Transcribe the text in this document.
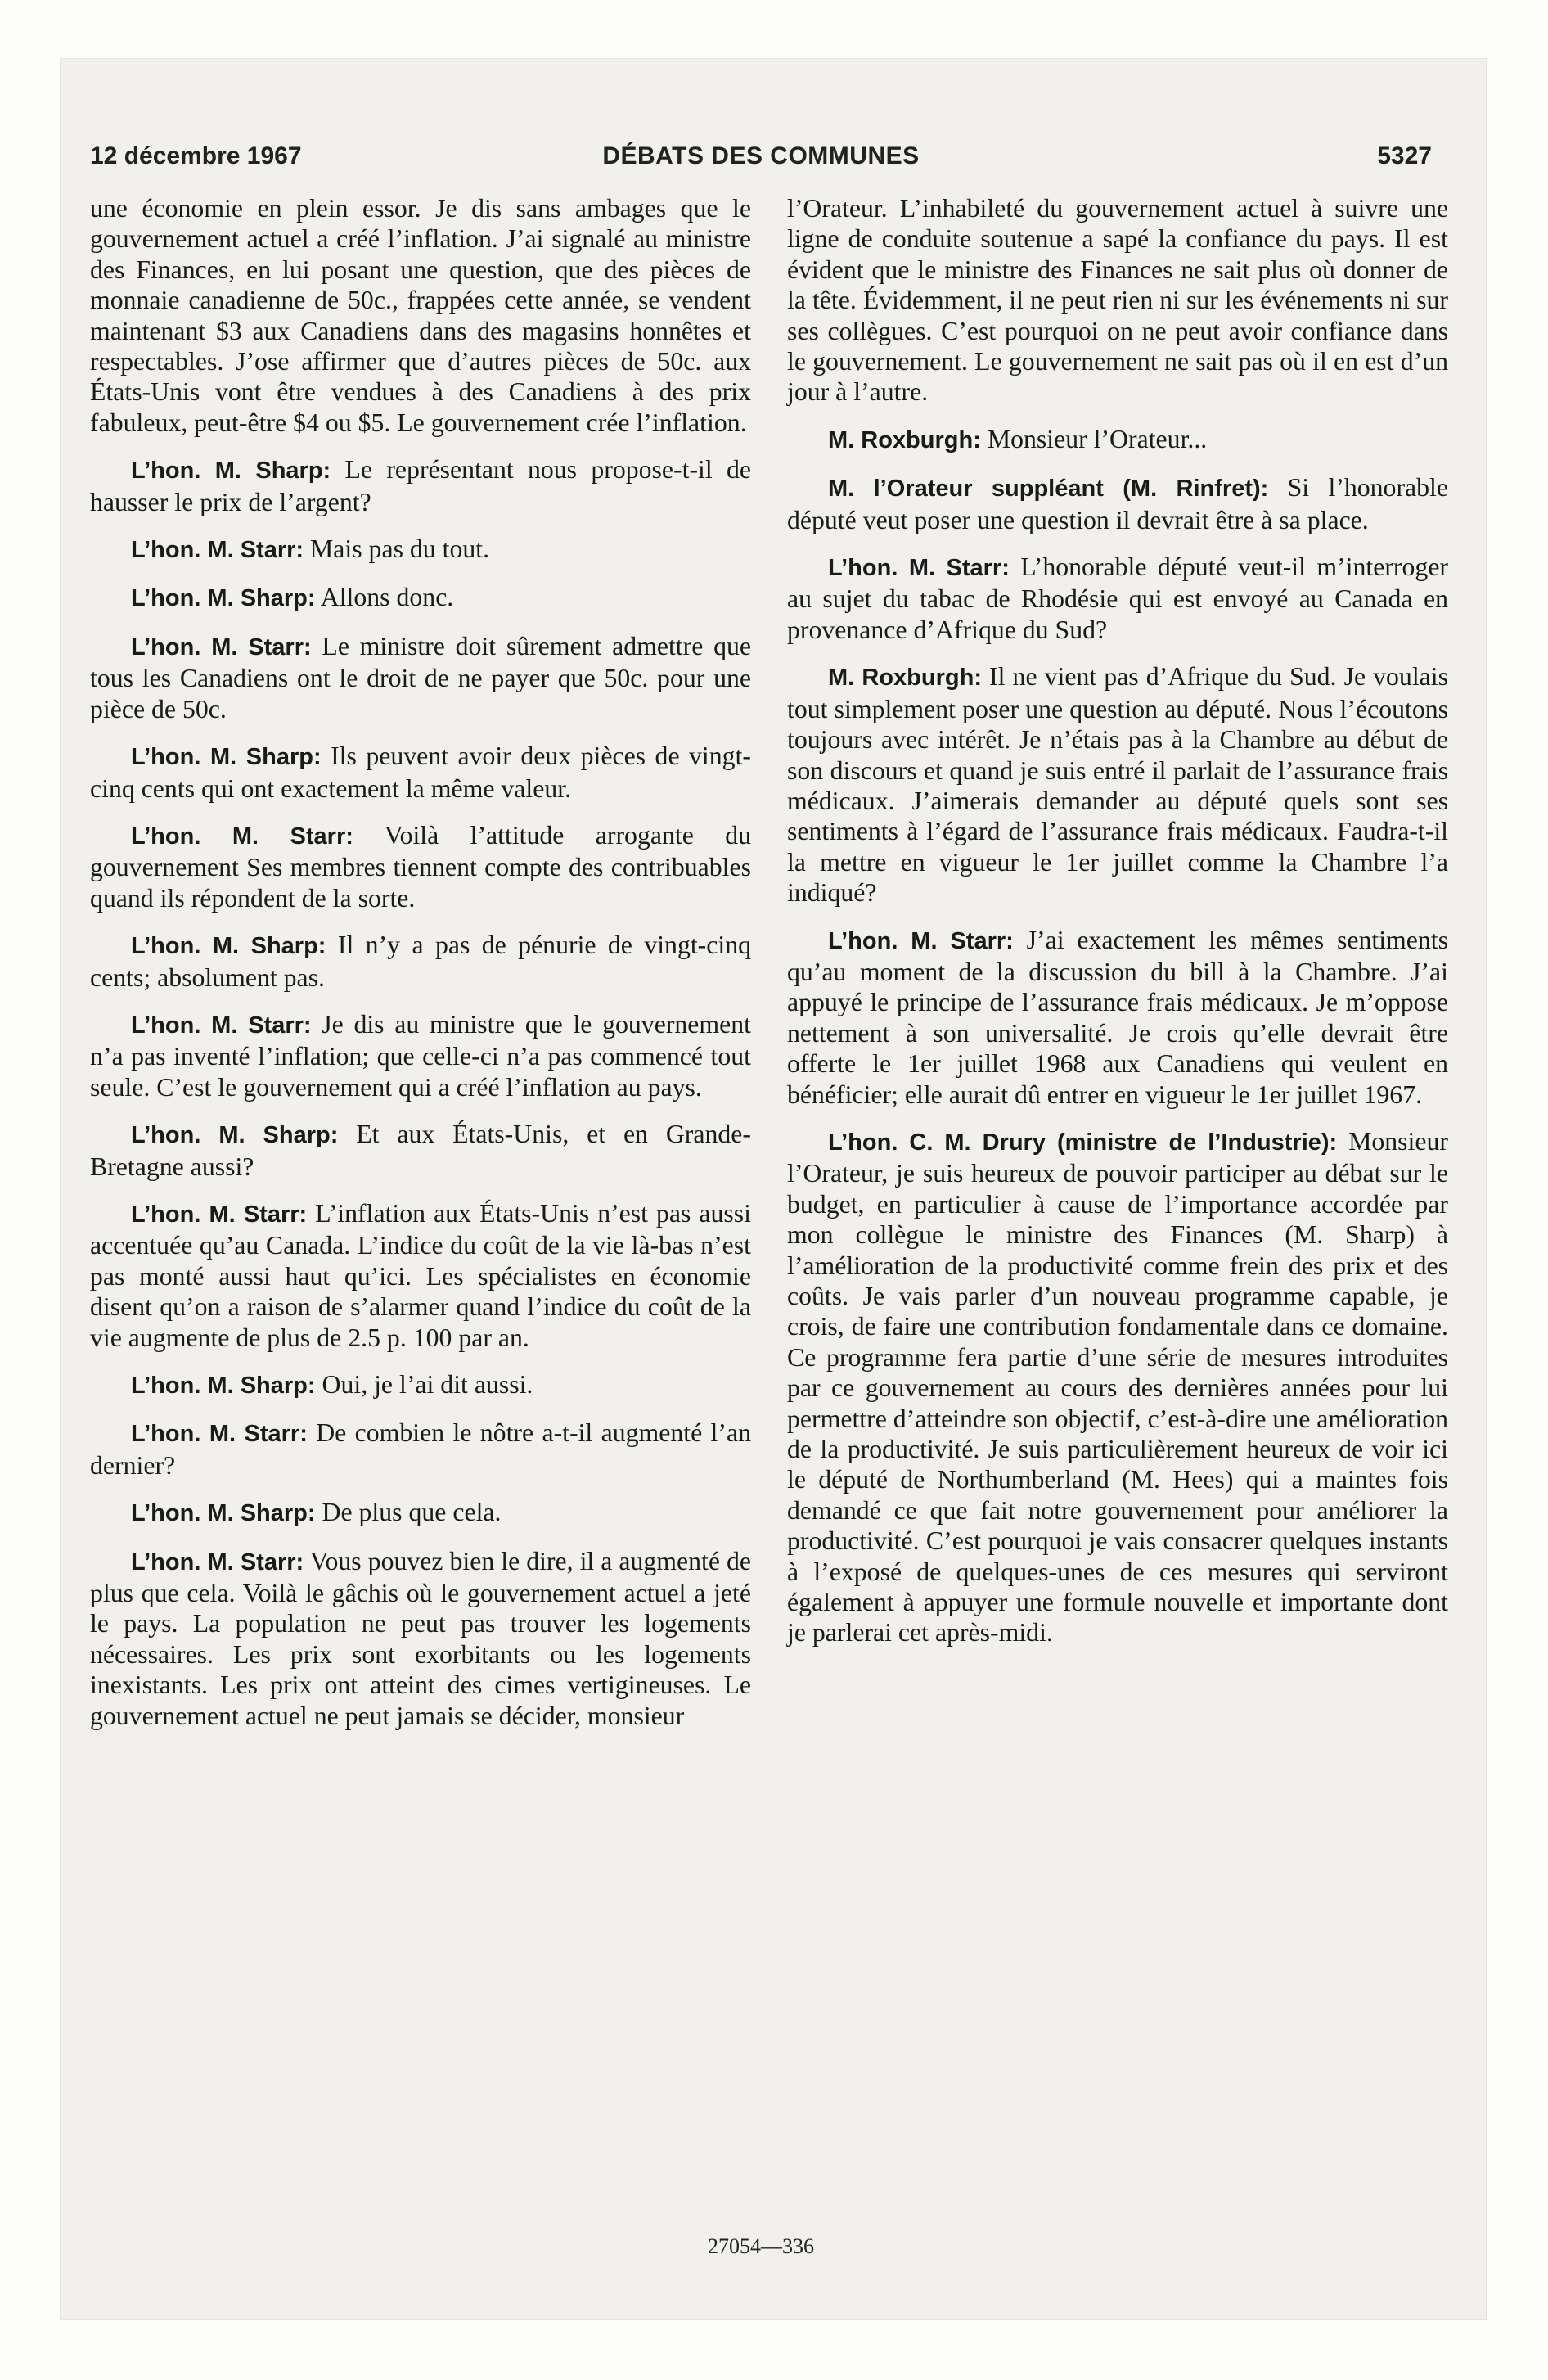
DÉBATS DES COMMUNES
12 décembre 1967	5327

une économie en plein essor. Je dis sans ambages que le gouvernement actuel a créé l’inflation. J’ai signalé au ministre des Finances, en lui posant une question, que des pièces de monnaie canadienne de 50c., frappées cette année, se vendent maintenant $3 aux Canadiens dans des magasins honnêtes et respectables. J’ose affirmer que d’autres pièces de 50c. aux États-Unis vont être vendues à des Canadiens à des prix fabuleux, peut-être $4 ou $5. Le gouvernement crée l’inflation.

L’hon. M. Sharp: Le représentant nous propose-t-il de hausser le prix de l’argent?

L’hon. M. Starr: Mais pas du tout.

L’hon. M. Sharp: Allons donc.

L’hon. M. Starr: Le ministre doit sûrement admettre que tous les Canadiens ont le droit de ne payer que 50c. pour une pièce de 50c.

L’hon. M. Sharp: Ils peuvent avoir deux pièces de vingt-cinq cents qui ont exactement la même valeur.

L’hon. M. Starr: Voilà l’attitude arrogante du gouvernement Ses membres tiennent compte des contribuables quand ils répondent de la sorte.

L’hon. M. Sharp: Il n’y a pas de pénurie de vingt-cinq cents; absolument pas.

L’hon. M. Starr: Je dis au ministre que le gouvernement n’a pas inventé l’inflation; que celle-ci n’a pas commencé tout seule. C’est le gouvernement qui a créé l’inflation au pays.

L’hon. M. Sharp: Et aux États-Unis, et en Grande-Bretagne aussi?

L’hon. M. Starr: L’inflation aux États-Unis n’est pas aussi accentuée qu’au Canada. L’indice du coût de la vie là-bas n’est pas monté aussi haut qu’ici. Les spécialistes en économie disent qu’on a raison de s’alarmer quand l’indice du coût de la vie augmente de plus de 2.5 p. 100 par an.

L’hon. M. Sharp: Oui, je l’ai dit aussi.

L’hon. M. Starr: De combien le nôtre a-t-il augmenté l’an dernier?

L’hon. M. Sharp: De plus que cela.

L’hon. M. Starr: Vous pouvez bien le dire, il a augmenté de plus que cela. Voilà le gâchis où le gouvernement actuel a jeté le pays. La population ne peut pas trouver les logements nécessaires. Les prix sont exorbitants ou les logements inexistants. Les prix ont atteint des cimes vertigineuses. Le gouvernement actuel ne peut jamais se décider, monsieur

l’Orateur. L’inhabileté du gouvernement actuel à suivre une ligne de conduite soutenue a sapé la confiance du pays. Il est évident que le ministre des Finances ne sait plus où donner de la tête. Évidemment, il ne peut rien ni sur les événements ni sur ses collègues. C’est pourquoi on ne peut avoir confiance dans le gouvernement. Le gouvernement ne sait pas où il en est d’un jour à l’autre.

M. Roxburgh: Monsieur l’Orateur...

M. l’Orateur suppléant (M. Rinfret): Si l’honorable député veut poser une question il devrait être à sa place.

L’hon. M. Starr: L’honorable député veut-il m’interroger au sujet du tabac de Rhodésie qui est envoyé au Canada en provenance d’Afrique du Sud?

M. Roxburgh: Il ne vient pas d’Afrique du Sud. Je voulais tout simplement poser une question au député. Nous l’écoutons toujours avec intérêt. Je n’étais pas à la Chambre au début de son discours et quand je suis entré il parlait de l’assurance frais médicaux. J’aimerais demander au député quels sont ses sentiments à l’égard de l’assurance frais médicaux. Faudra-t-il la mettre en vigueur le 1er juillet comme la Chambre l’a indiqué?

L’hon. M. Starr: J’ai exactement les mêmes sentiments qu’au moment de la discussion du bill à la Chambre. J’ai appuyé le principe de l’assurance frais médicaux. Je m’oppose nettement à son universalité. Je crois qu’elle devrait être offerte le 1er juillet 1968 aux Canadiens qui veulent en bénéficier; elle aurait dû entrer en vigueur le 1er juillet 1967.

L’hon. C. M. Drury (ministre de l’Industrie): Monsieur l’Orateur, je suis heureux de pouvoir participer au débat sur le budget, en particulier à cause de l’importance accordée par mon collègue le ministre des Finances (M. Sharp) à l’amélioration de la productivité comme frein des prix et des coûts. Je vais parler d’un nouveau programme capable, je crois, de faire une contribution fondamentale dans ce domaine. Ce programme fera partie d’une série de mesures introduites par ce gouvernement au cours des dernières années pour lui permettre d’atteindre son objectif, c’est-à-dire une amélioration de la productivité. Je suis particulièrement heureux de voir ici le député de Northumberland (M. Hees) qui a maintes fois demandé ce que fait notre gouvernement pour améliorer la productivité. C’est pourquoi je vais consacrer quelques instants à l’exposé de quelques-unes de ces mesures qui serviront également à appuyer une formule nouvelle et importante dont je parlerai cet après-midi.

27054—336
